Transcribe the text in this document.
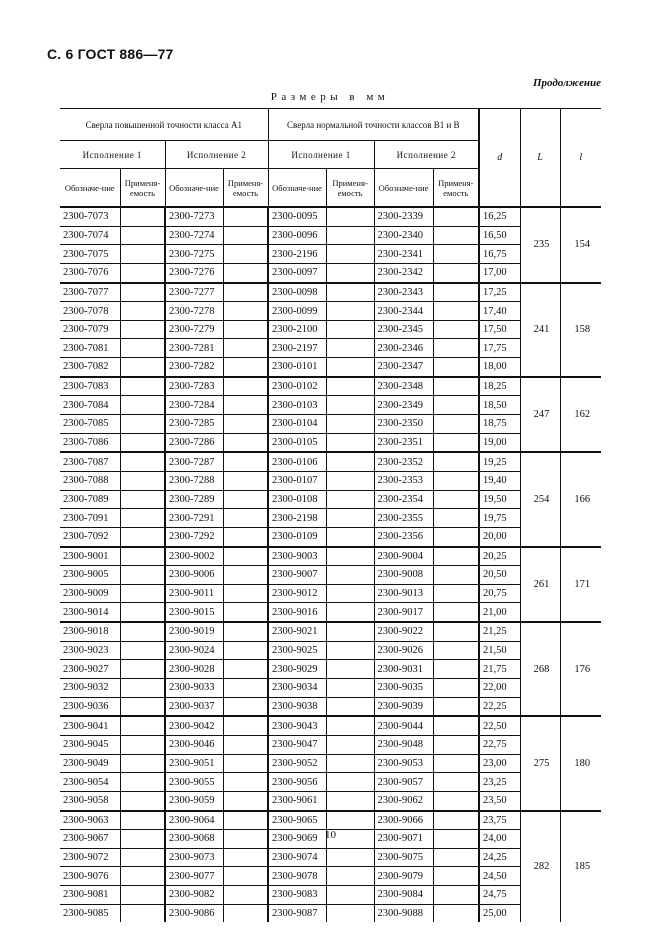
С. 6 ГОСТ 886—77
Продолжение
Размеры в мм
Сверла повышенной точности класса A1				Сверла нормальной точности классов B1 и B				d	L	l
Исполнение 1		Исполнение 2		Исполнение 1		Исполнение 2				
Обозначе-ние	Применя-емость	Обозначе-ние	Применя-емость	Обозначе-ние	Применя-емость	Обозначе-ние	Применя-емость			
2300-7073		2300-7273		2300-0095		2300-2339		16,25	235	154
2300-7074		2300-7274		2300-0096		2300-2340		16,50		
2300-7075		2300-7275		2300-2196		2300-2341		16,75		
2300-7076		2300-7276		2300-0097		2300-2342		17,00		
2300-7077		2300-7277		2300-0098		2300-2343		17,25	241	158
2300-7078		2300-7278		2300-0099		2300-2344		17,40		
2300-7079		2300-7279		2300-2100		2300-2345		17,50		
2300-7081		2300-7281		2300-2197		2300-2346		17,75		
2300-7082		2300-7282		2300-0101		2300-2347		18,00		
2300-7083		2300-7283		2300-0102		2300-2348		18,25	247	162
2300-7084		2300-7284		2300-0103		2300-2349		18,50		
2300-7085		2300-7285		2300-0104		2300-2350		18,75		
2300-7086		2300-7286		2300-0105		2300-2351		19,00		
2300-7087		2300-7287		2300-0106		2300-2352		19,25	254	166
2300-7088		2300-7288		2300-0107		2300-2353		19,40		
2300-7089		2300-7289		2300-0108		2300-2354		19,50		
2300-7091		2300-7291		2300-2198		2300-2355		19,75		
2300-7092		2300-7292		2300-0109		2300-2356		20,00		
2300-9001		2300-9002		2300-9003		2300-9004		20,25	261	171
2300-9005		2300-9006		2300-9007		2300-9008		20,50		
2300-9009		2300-9011		2300-9012		2300-9013		20,75		
2300-9014		2300-9015		2300-9016		2300-9017		21,00		
2300-9018		2300-9019		2300-9021		2300-9022		21,25	268	176
2300-9023		2300-9024		2300-9025		2300-9026		21,50		
2300-9027		2300-9028		2300-9029		2300-9031		21,75		
2300-9032		2300-9033		2300-9034		2300-9035		22,00		
2300-9036		2300-9037		2300-9038		2300-9039		22,25		
2300-9041		2300-9042		2300-9043		2300-9044		22,50	275	180
2300-9045		2300-9046		2300-9047		2300-9048		22,75		
2300-9049		2300-9051		2300-9052		2300-9053		23,00		
2300-9054		2300-9055		2300-9056		2300-9057		23,25		
2300-9058		2300-9059		2300-9061		2300-9062		23,50		
2300-9063		2300-9064		2300-9065		2300-9066		23,75	282	185
2300-9067		2300-9068		2300-9069		2300-9071		24,00		
2300-9072		2300-9073		2300-9074		2300-9075		24,25		
2300-9076		2300-9077		2300-9078		2300-9079		24,50		
2300-9081		2300-9082		2300-9083		2300-9084		24,75		
2300-9085		2300-9086		2300-9087		2300-9088		25,00		
10
